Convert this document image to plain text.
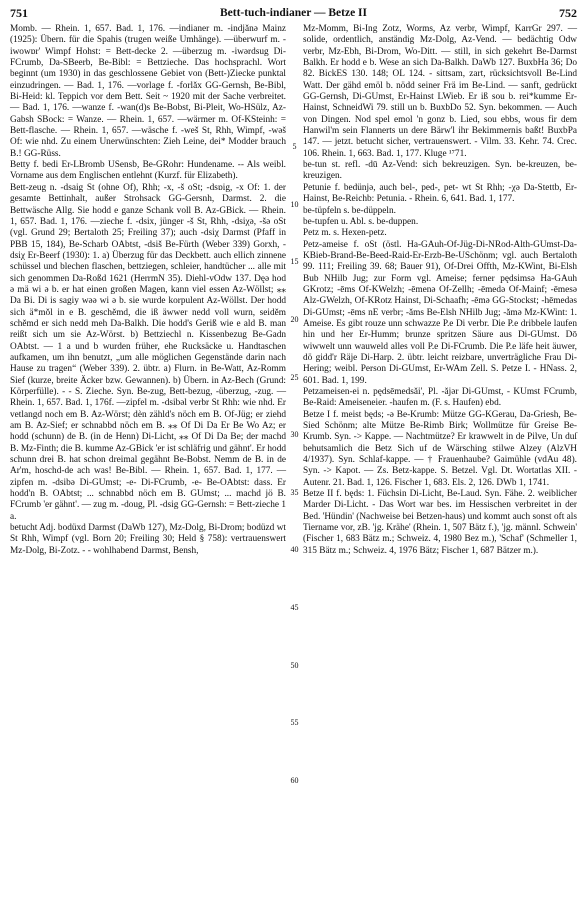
751	Bett-tuch-indianer — Betze II	752

Momb. — Rhein. 1, 657. Bad. 1, 176. —indianer m. -indjǎnə Mainz (1925): Übern. für die Spahis (trugen weiße Umhänge). —überwurf m. -iwowɒr' Wimpf Hohst: = Bett-decke 2. —überzug m. -iwǝrdsug Di-FCrumb, Da-SBeerb, Be-Bibl: = Bettzieche. Das hochsprachl. Wort beginnt (um 1930) in das geschlossene Gebiet von (Bett-)Ziecke punktal einzudringen. — Bad. 1, 176. —vorlage f. -forlǎx GG-Gernsh, Be-Bibl, Bi-Heid: kl. Teppich vor dem Bett. Seit ~ 1920 mit der Sache verbreitet. — Bad. 1, 176. —wanze f. -wan(d)s Be-Bobst, Bi-Pleit, Wo-HSülz, Az-Gabsh SBock: = Wanze. — Rhein. 1, 657. —wärmer m. Of-KSteinh: = Bett-flasche. — Rhein. 1, 657. —wäsche f. -weš St, Rhh, Wimpf, -wǝš Of: wie nhd. Zu einem Unerwünschten: Zieh Leine, dei* Modder brauch B.! GG-Rüss.

Betty f. bedi Er-LBromb USensb, Be-GRohr: Hundename. -- Als weibl. Vorname aus dem Englischen entlehnt (Kurzf. für Elizabeth).

Bett-zeug n. -dsaig St (ohne Of), Rhh; -x, -š oSt; -dsɒig, -x Of: 1. der gesamte Bettinhalt, außer Strohsack GG-Gersnh, Darmst. 2. die Bettwäsche Allg. Sie hodd e ganze Schank voll B. Az-GBick. — Rhein. 1, 657. Bad. 1, 176. —zieche f. -dsix, jünger -š St, Rhh, -dsiχə, -šə oSt (vgl. Grund 29; Bertaloth 25; Freiling 37); auch -dsiχ Darmst (Pfaff in PBB 15, 184), Be-Scharb OAbtst, -dsiš Be-Fürth (Weber 339) Gorxh, -dsiχ Er-Beerf (1930): 1. a) Überzug für das Deckbett. auch ellich zinnene schüssel und blechen flaschen, bettziegen, schleier, handtücher ... alle mit sich genommen Da-Roßd 1621 (HerrmN 35). Diehl-vOdw 137. Dęə hod ə mä wi ə b. er hat einen großen Magen, kann viel essen Az-Wöllst; ⁎⁎ Da Bi. Di is sagiy wəə wi ə b. sie wurde korpulent Az-Wöllst. Der hodd sich ä*mǒl in e B. geschěmd, die iß äwwer nedd voll wurn, seiděm schěmd er sich nedd meh Da-Balkh. Die hodd's Geriß wie e ald B. man reißt sich um sie Az-Wörst. b) Bettziechl n. Kissenbezug Be-Gadn OAbtst. — 1 a und b wurden früher, ehe Rucksäcke u. Handtaschen aufkamen, um ihn benutzt, „um alle möglichen Gegenstände darin nach Hause zu tragen“ (Weber 339). 2. übtr. a) Flurn. in Be-Watt, Az-Romm Sief (kurze, breite Äcker bzw. Gewannen). b) Übern. in Az-Bech (Grund: Körperfülle). - - S. Zieche. Syn. Be-zug, Bett-bezug, -überzug, -zug. — Rhein. 1, 657. Bad. 1, 176f. —zipfel m. -dsibəl verbr St Rhh: wie nhd. Er vetlangd noch em B. Az-Wörst; dèn zähld's nöch em B. Of-Jüg; er ziehd am B. Az-Sief; er schnabbd nöch em B. ⁎⁎ Of Di Da Er Be Wo Az; er hodd (schunn) de B. (in de Henn) Di-Licht, ⁎⁎ Of Di Da Be; der machd B. Mz-Finth; die B. kumme Az-GBick 'er ist schläfrig und gähnt'. Er hodd schunn drei B. hat schon dreimal gegähnt Be-Bobst. Nemm de B. in de Ar'm, hoschd-de ach was! Be-Bibl. — Rhein. 1, 657. Bad. 1, 177. —zipfen m. -dsibə Di-GUmst; -e- Di-FCrumb, -e- Be-OAbtst: dass. Er hodd'n B. OAbtst; ... schnabbd nöch em B. GUmst; ... machd jö B. FCrumb 'er gähnt'. — zug m. -doug, Pl. -dsig GG-Gernsh: = Bett-zieche 1 a.

betucht Adj. bodüxd Darmst (DaWb 127), Mz-Dolg, Bi-Drom; bodüzd wt St Rhh, Wimpf (vgl. Born 20; Freiling 30; Held § 758): vertrauenswert Mz-Dolg, Bi-Zotz. - - wohlhabend Darmst, Bensh,

5
10
15
20
25
30
35
40
45
50
55
60

Mz-Momm, Bi-Ing Zotz, Worms, Az verbr, Wimpf, KarrGr 297. — solide, ordentlich, anständig Mz-Dolg, Az-Vend. — bedächtig Odw verbr, Mz-Ebh, Bi-Drom, Wo-Ditt. — still, in sich gekehrt Be-Darmst Balkh. Er hodd e b. Wese an sich Da-Balkh. DaWb 127. BuxbHa 36; Do 82. BickES 130. 148; OL 124. - sittsam, zart, rücksichtsvoll Be-Lind Watt. Der gähd emöl b. nödd seiner Frä im Be-Lind. — sanft, gedrückt GG-Gernsh, Di-GUmst, Er-Hainst LWieb. Er iß sou b. rei*kumme Er-Hainst, SchneidWi 79. still un b. BuxbDo 52. Syn. bekommen. — Auch von Dingen. Nod spel emol 'n gonz b. Lied, sou ebbs, wous fir dem Hanwil'm sein Flannerts un dere Bärw'l ihr Bekimmernis baßt! BuxbPa 147. — jetzt. betucht sicher, vertrauenswert. - Vilm. 33. Kehr. 74. Crec. 106. Rhein. 1, 663. Bad. 1, 177. Kluge ¹⁷71.

be-tun st. refl. -dū Az-Vend: sich bekreuzigen. Syn. be-kreuzen, be-kreuzigen.

Petunie f. bedünjə, auch bel-, ped-, pet- wt St Rhh; -χə Da-Stettb, Er-Hainst, Be-Reichb: Petunia. - Rhein. 6, 641. Bad. 1, 177.

be-tüpfeln s. be-düppeln.

be-tupfen u. Abl. s. be-duppen.

Petz m. s. Hexen-petz.

Petz-ameise f. oSt (östl. Ha-GAuh-Of-Jüg-Di-NRod-Alth-GUmst-Da-KBieb-Brand-Be-Beed-Raid-Er-Erzb-Be-USchönm; vgl. auch Bertaloth 99. 111; Freiling 39. 68; Bauer 91), Of-Drei Offth, Mz-KWint, Bi-Elsh Bub NHilb Jug; zur Form vgl. Ameise; ferner pędsimsə Ha-GAuh GKrotz; -ēms Of-KWelzh; -ēmenə Of-Zellh; -ēmedə Of-Mainf; -ēmesə Alz-GWelzh, Of-KRotz Hainst, Di-Schaafh; -ēmə GG-Stockst; -hēmedəs Di-GUmst; -ēms nE verbr; -ǎms Be-Elsh NHilb Jug; -ǎmə Mz-KWint: 1. Ameise. Es gibt rouze unn schwazze P.e Di verbr. Die P.e dribbele laufen hin und her Er-Humm; brunze spritzen Säure aus Di-GUmst. Dō wiwwelt unn wauweld alles voll P.e Di-FCrumb. Die P.e läfe heit äuwer, dö gidd'r Räje Di-Harp. 2. übtr. leicht reizbare, unverträgliche Frau Di-Hering; weibl. Person Di-GUmst, Er-WAm Zell. S. Petze I. - HNass. 2, 601. Bad. 1, 199.

Petzameisen-ei n. pędsēmedsǎi', Pl. -ǎjər Di-GUmst, - KUmst FCrumb, Be-Raid: Ameiseneier. -haufen m. (F. s. Haufen) ebd.

Betze I f. meist będs; -ə Be-Krumb: Mütze GG-KGerau, Da-Griesh, Be-Sied Schönm; alte Mütze Be-Rimb Birk; Wollmütze für Greise Be-Krumb. Syn. -> Kappe. — Nachtmütze? Er krawwelt in de Pilve, Un duſ behutsamlich die Betz Sich uf de Wärsching stilwe Alzey (AlzVH 4/1937). Syn. Schlaf-kappe. — † Frauenhaube? Gaimühle (vdAu 48). Syn. -> Kapot. — Zs. Betz-kappe. S. Betzel. Vgl. Dt. Wortatlas XII. - Autenr. 21. Bad. 1, 126. Fischer 1, 683. Els. 2, 126. DWb 1, 1741.

Betze II f. będs: 1. Füchsin Di-Licht, Be-Laud. Syn. Fähe. 2. weiblicher Marder Di-Licht. - Das Wort war bes. im Hessischen verbreitet in der Bed. 'Hündin' (Nachweise bei Betzen-haus) und kommt auch sonst oft als Tiername vor, zB. 'jg. Krähe' (Rhein. 1, 507 Bätz f.), 'jg. männl. Schwein' (Fischer 1, 683 Bätz m.; Schweiz. 4, 1980 Bez m.), 'Schaf' (Schmeller 1, 315 Bätz m.; Schweiz. 4, 1976 Bätz; Fischer 1, 687 Bätzer m.).
